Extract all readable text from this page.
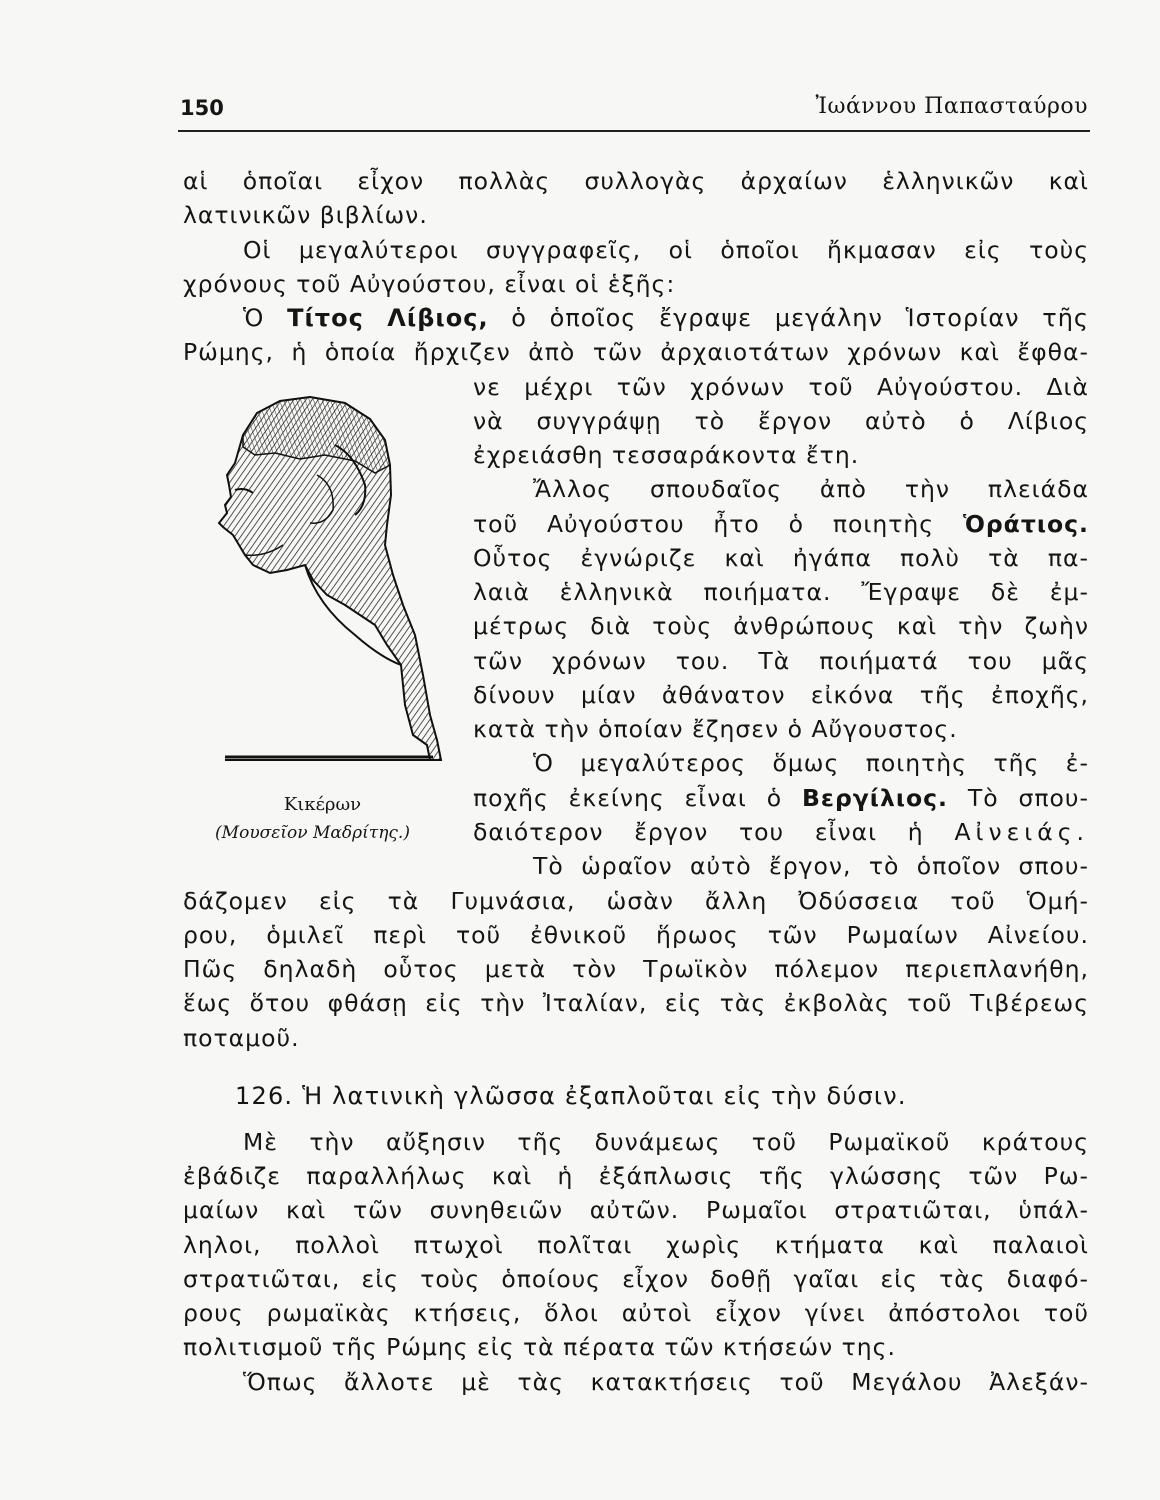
150	Ἰωάννου Παπασταύρου
αἱ ὁποῖαι εἶχον πολλὰς συλλογὰς ἀρχαίων ἑλληνικῶν καὶ
λατινικῶν βιβλίων.
Οἱ μεγαλύτεροι συγγραφεῖς, οἱ ὁποῖοι ἤκμασαν εἰς τοὺς
χρόνους τοῦ Αὐγούστου, εἶναι οἱ ἑξῆς:
Ὁ Τίτος Λίβιος, ὁ ὁποῖος ἔγραψε μεγάλην Ἱστορίαν τῆς
Ρώμης, ἡ ὁποία ἤρχιζεν ἀπὸ τῶν ἀρχαιοτάτων χρόνων καὶ ἔφθα-
νε μέχρι τῶν χρόνων τοῦ Αὐγούστου. Διὰ
νὰ συγγράψῃ τὸ ἔργον αὐτὸ ὁ Λίβιος
ἐχρειάσθη τεσσαράκοντα ἔτη.
Ἄλλος σπουδαῖος ἀπὸ τὴν πλειάδα
τοῦ Αὐγούστου ἦτο ὁ ποιητὴς Ὁράτιος.
Οὗτος ἐγνώριζε καὶ ἠγάπα πολὺ τὰ πα-
λαιὰ ἑλληνικὰ ποιήματα. Ἔγραψε δὲ ἐμ-
μέτρως διὰ τοὺς ἀνθρώπους καὶ τὴν ζωὴν
τῶν χρόνων του. Τὰ ποιήματά του μᾶς
δίνουν μίαν ἀθάνατον εἰκόνα τῆς ἐποχῆς,
κατὰ τὴν ὁποίαν ἔζησεν ὁ Αὔγουστος.
Ὁ μεγαλύτερος ὅμως ποιητὴς τῆς ἐ-
ποχῆς ἐκείνης εἶναι ὁ Βεργίλιος. Τὸ σπου-
δαιότερον ἔργον του εἶναι ἡ Αἰνειάς.
Τὸ ὡραῖον αὐτὸ ἔργον, τὸ ὁποῖον σπου-
δάζομεν εἰς τὰ Γυμνάσια, ὡσὰν ἄλλη Ὀδύσσεια τοῦ Ὁμή-
ρου, ὁμιλεῖ περὶ τοῦ ἐθνικοῦ ἥρωος τῶν Ρωμαίων Αἰνείου.
Πῶς δηλαδὴ οὗτος μετὰ τὸν Τρωϊκὸν πόλεμον περιεπλανήθη,
ἕως ὅτου φθάσῃ εἰς τὴν Ἰταλίαν, εἰς τὰς ἐκβολὰς τοῦ Τιβέρεως
ποταμοῦ.
126. Ἡ λατινικὴ γλῶσσα ἐξαπλοῦται εἰς τὴν δύσιν.
Μὲ τὴν αὔξησιν τῆς δυνάμεως τοῦ Ρωμαϊκοῦ κράτους
ἐβάδιζε παραλλήλως καὶ ἡ ἐξάπλωσις τῆς γλώσσης τῶν Ρω-
μαίων καὶ τῶν συνηθειῶν αὐτῶν. Ρωμαῖοι στρατιῶται, ὑπάλ-
ληλοι, πολλοὶ πτωχοὶ πολῖται χωρὶς κτήματα καὶ παλαιοὶ
στρατιῶται, εἰς τοὺς ὁποίους εἶχον δοθῇ γαῖαι εἰς τὰς διαφό-
ρους ρωμαϊκὰς κτήσεις, ὅλοι αὐτοὶ εἶχον γίνει ἀπόστολοι τοῦ
πολιτισμοῦ τῆς Ρώμης εἰς τὰ πέρατα τῶν κτήσεών της.
Ὅπως ἄλλοτε μὲ τὰς κατακτήσεις τοῦ Μεγάλου Ἀλεξάν-
Κικέρων
(Μουσεῖον Μαδρίτης.)
